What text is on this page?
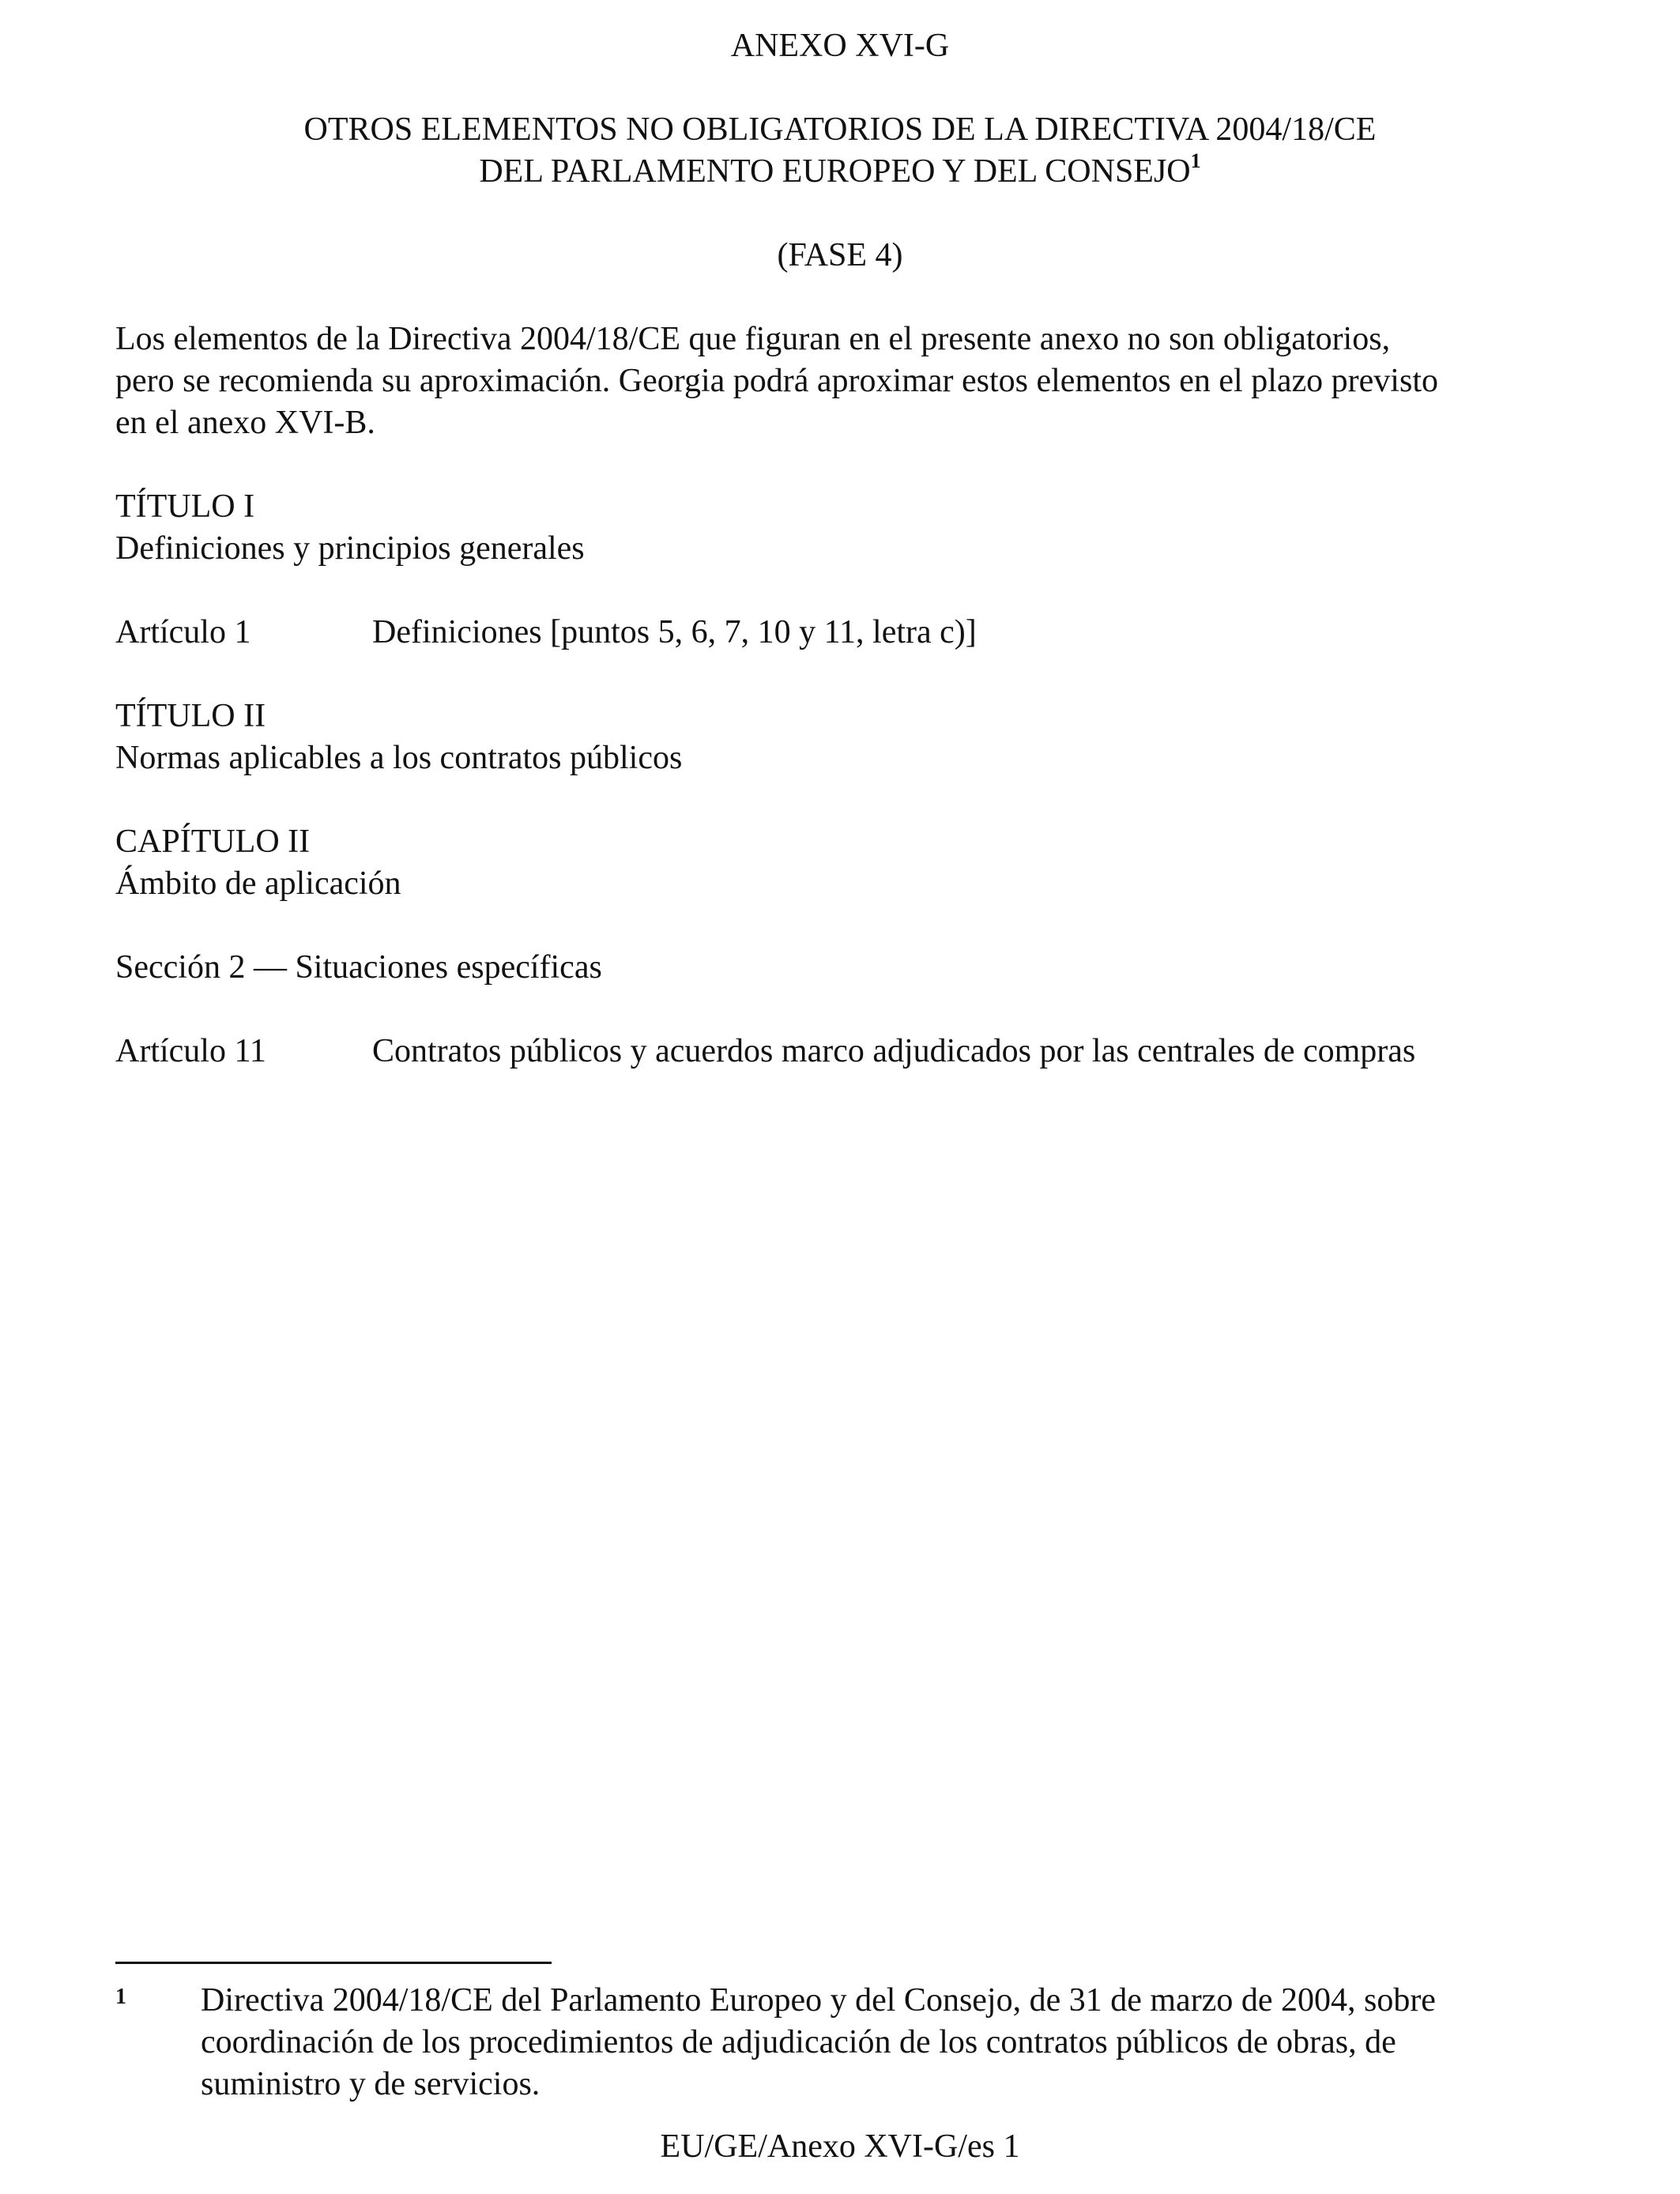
ANEXO XVI-G
OTROS ELEMENTOS NO OBLIGATORIOS DE LA DIRECTIVA 2004/18/CE
DEL PARLAMENTO EUROPEO Y DEL CONSEJO$^1$
(FASE 4)
Los elementos de la Directiva 2004/18/CE que figuran en el presente anexo no son obligatorios,
pero se recomienda su aproximación. Georgia podrá aproximar estos elementos en el plazo previsto
en el anexo XVI-B.
TÍTULO I
Definiciones y principios generales
Artículo 1	Definiciones [puntos 5, 6, 7, 10 y 11, letra c)]
TÍTULO II
Normas aplicables a los contratos públicos
CAPÍTULO II
Ámbito de aplicación
Sección 2 — Situaciones específicas
Artículo 11	Contratos públicos y acuerdos marco adjudicados por las centrales de compras
1 Directiva 2004/18/CE del Parlamento Europeo y del Consejo, de 31 de marzo de 2004, sobre
coordinación de los procedimientos de adjudicación de los contratos públicos de obras, de
suministro y de servicios.
EU/GE/Anexo XVI-G/es 1
